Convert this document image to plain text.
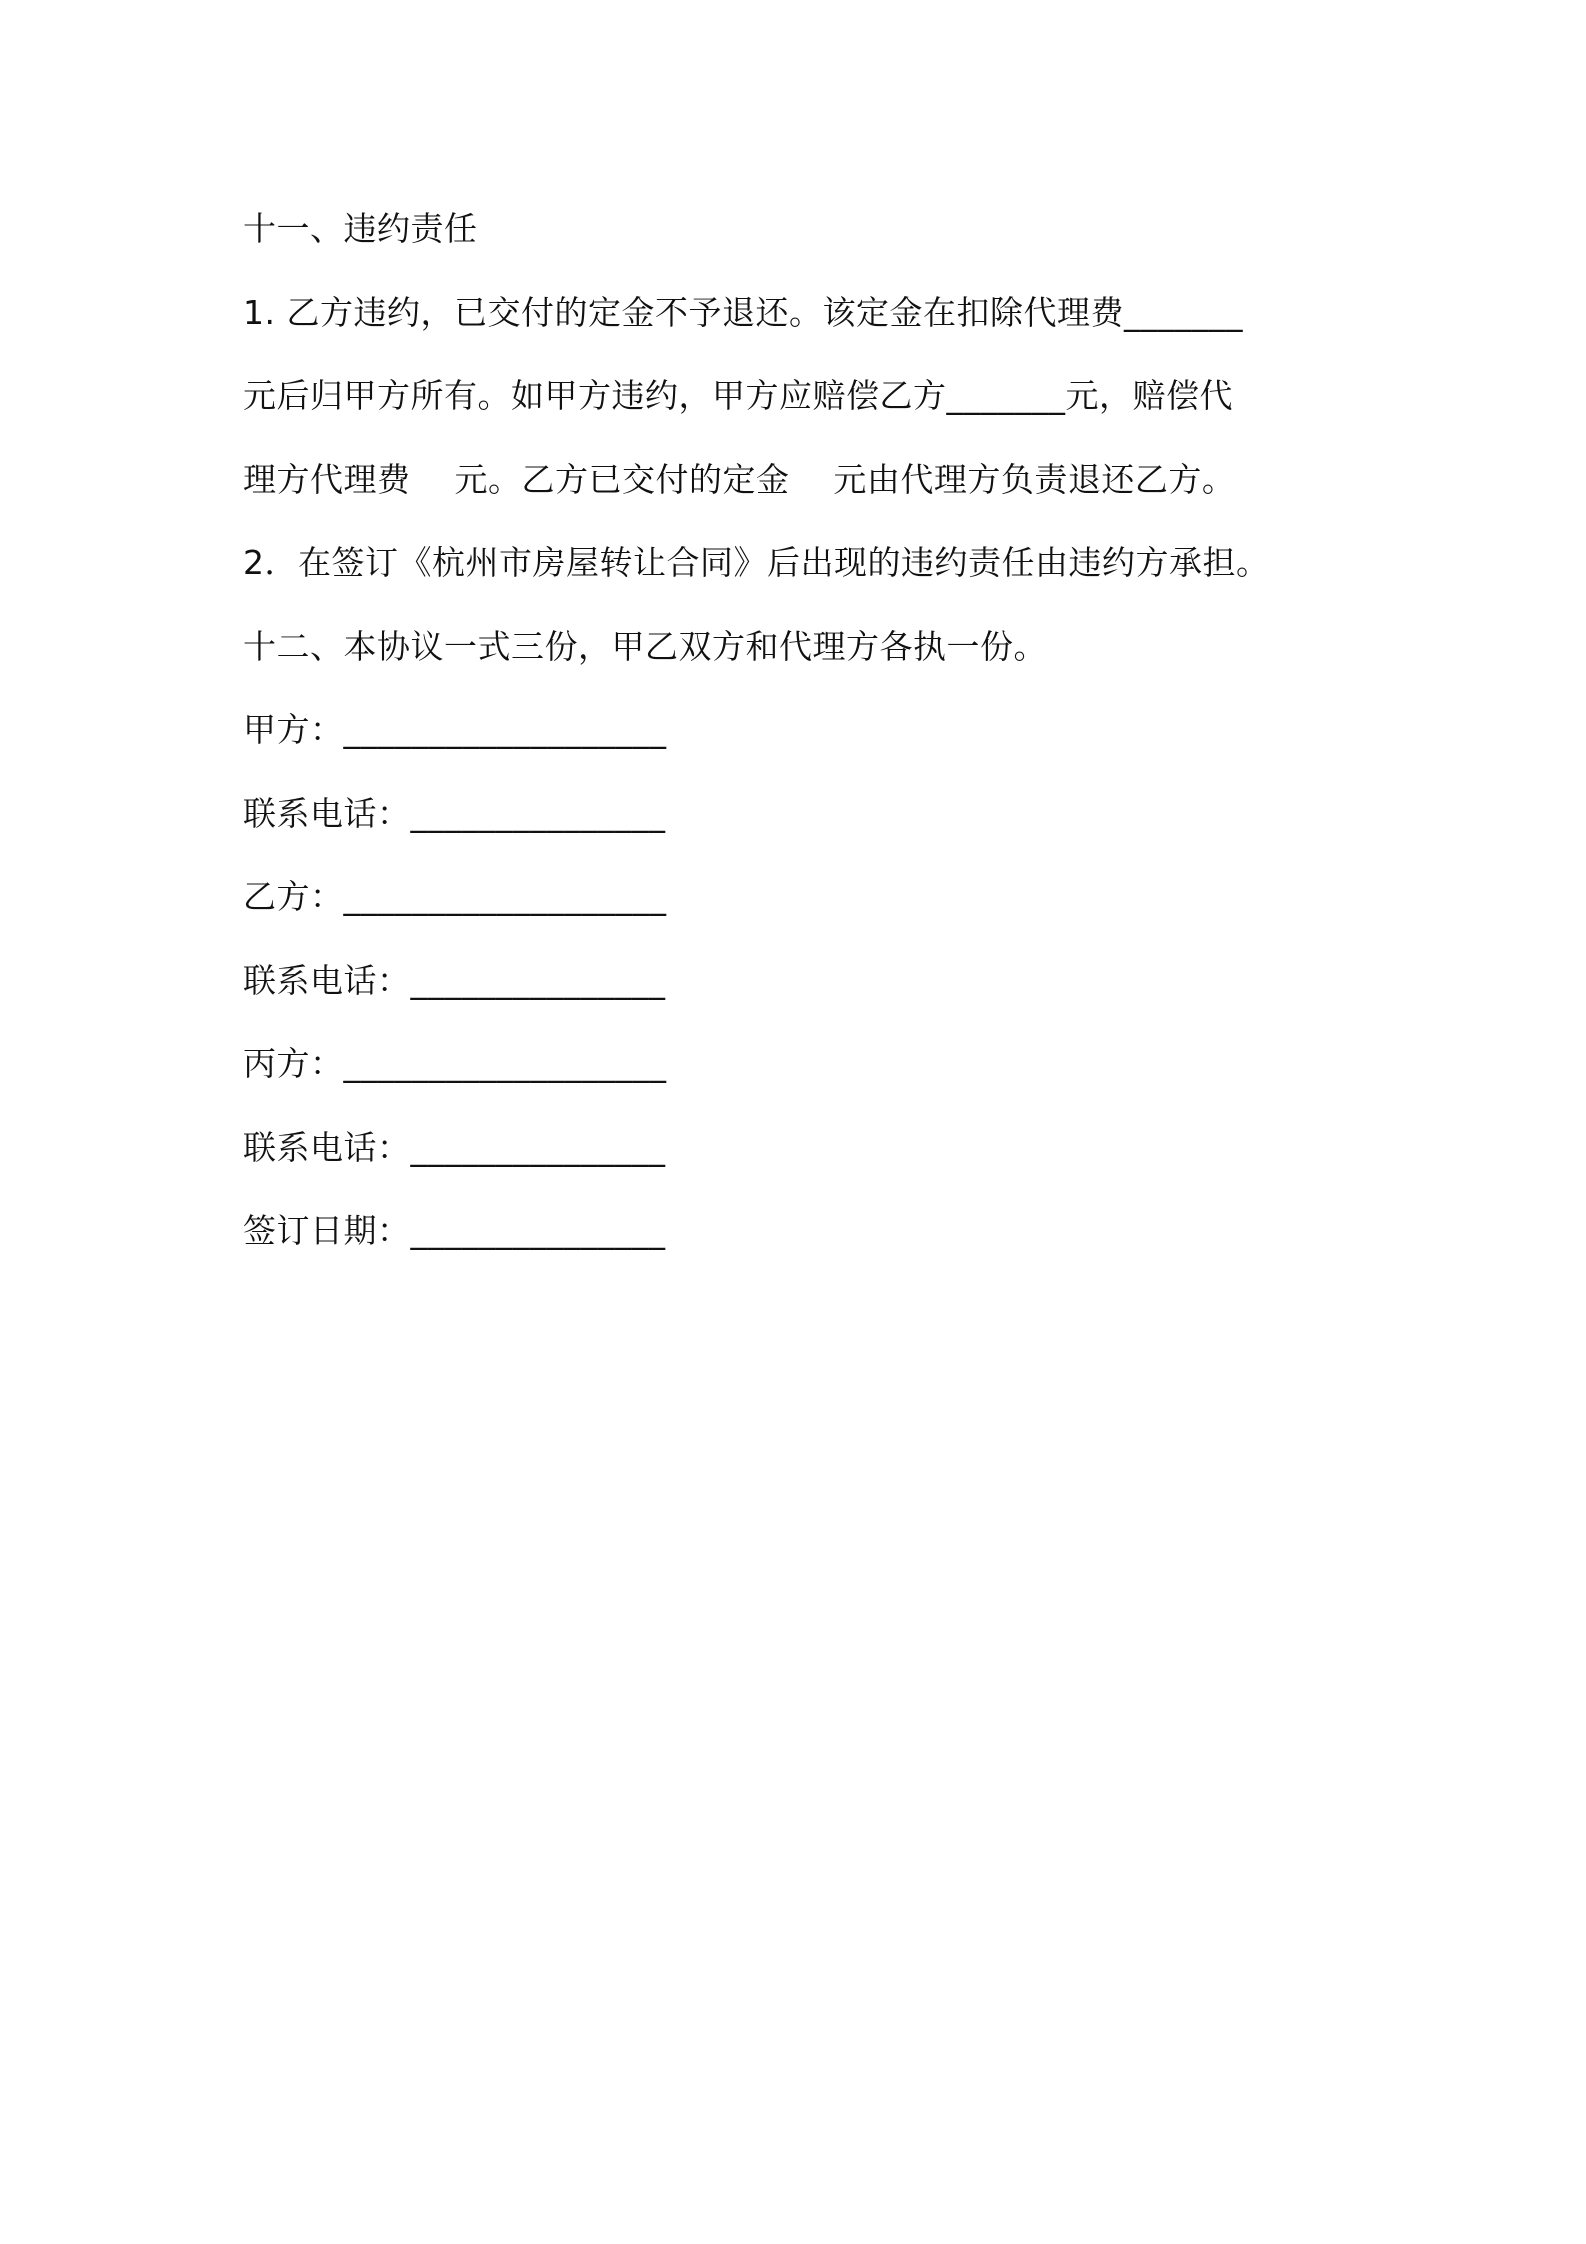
十一、违约责任
1. 乙方违约，已交付的定金不予退还。该定金在扣除代理费_______
元后归甲方所有。如甲方违约，甲方应赔偿乙方_______元，赔偿代
理方代理费    元。乙方已交付的定金    元由代理方负责退还乙方。
2．在签订《杭州市房屋转让合同》后出现的违约责任由违约方承担。
十二、本协议一式三份，甲乙双方和代理方各执一份。
甲方：___________________
联系电话：_______________
乙方：___________________
联系电话：_______________
丙方：___________________
联系电话：_______________
签订日期：_______________
